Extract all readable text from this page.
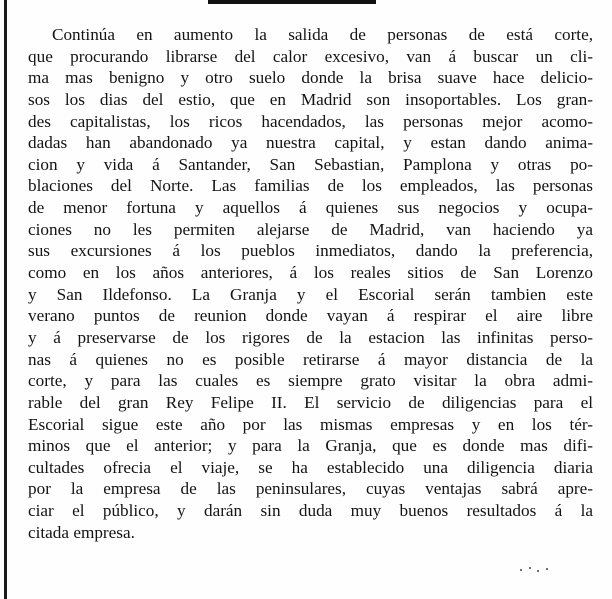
Continúa en aumento la salida de personas de está corte,
que procurando librarse del calor excesivo, van á buscar un cli-
ma mas benigno y otro suelo donde la brisa suave hace delicio-
sos los dias del estio, que en Madrid son insoportables. Los gran-
des capitalistas, los ricos hacendados, las personas mejor acomo-
dadas han abandonado ya nuestra capital, y estan dando anima-
cion y vida á Santander, San Sebastian, Pamplona y otras po-
blaciones del Norte. Las familias de los empleados, las personas
de menor fortuna y aquellos á quienes sus negocios y ocupa-
ciones no les permiten alejarse de Madrid, van haciendo ya
sus excursiones á los pueblos inmediatos, dando la preferencia,
como en los años anteriores, á los reales sitios de San Lorenzo
y San Ildefonso. La Granja y el Escorial serán tambien este
verano puntos de reunion donde vayan á respirar el aire libre
y á preservarse de los rigores de la estacion las infinitas perso-
nas á quienes no es posible retirarse á mayor distancia de la
corte, y para las cuales es siempre grato visitar la obra admi-
rable del gran Rey Felipe II. El servicio de diligencias para el
Escorial sigue este año por las mismas empresas y en los tér-
minos que el anterior; y para la Granja, que es donde mas difi-
cultades ofrecia el viaje, se ha establecido una diligencia diaria
por la empresa de las peninsulares, cuyas ventajas sabrá apre-
ciar el público, y darán sin duda muy buenos resultados á la
citada empresa.
